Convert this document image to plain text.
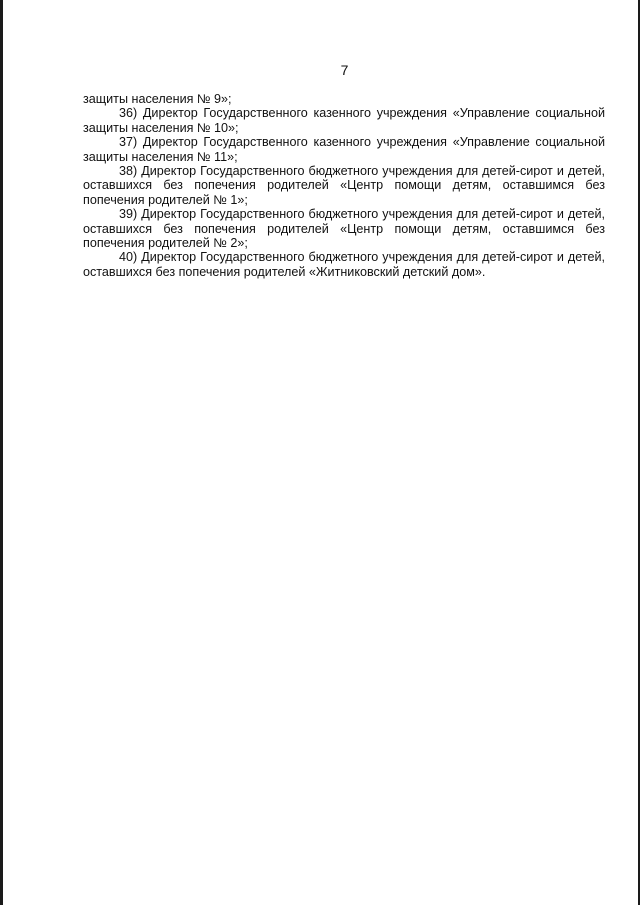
7

защиты населения № 9»;

36) Директор Государственного казенного учреждения «Управление социальной защиты населения № 10»;

37) Директор Государственного казенного учреждения «Управление социальной защиты населения № 11»;

38) Директор Государственного бюджетного учреждения для детей-сирот и детей, оставшихся без попечения родителей «Центр помощи детям, оставшимся без попечения родителей № 1»;

39) Директор Государственного бюджетного учреждения для детей-сирот и детей, оставшихся без попечения родителей «Центр помощи детям, оставшимся без попечения родителей № 2»;

40) Директор Государственного бюджетного учреждения для детей-сирот и детей, оставшихся без попечения родителей «Житниковский детский дом».
